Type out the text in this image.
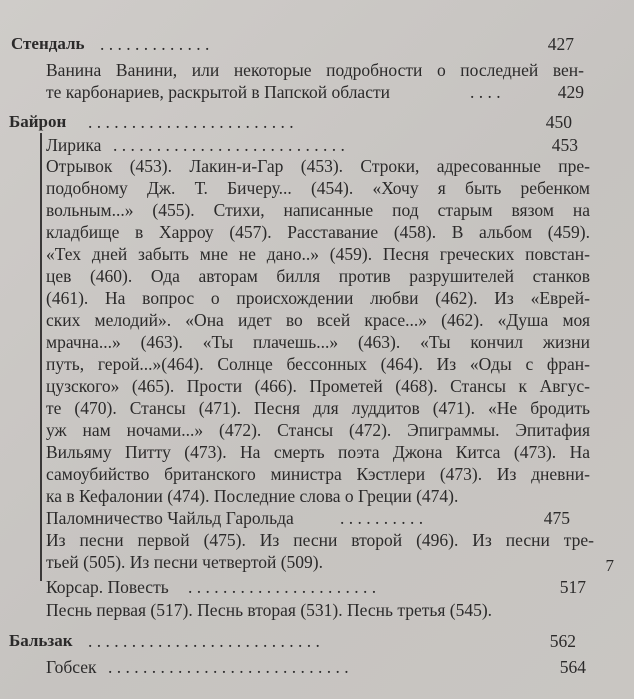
Стендаль . . . . . . . . . . . . .	427
Ванина Ванини, или некоторые подробности о последней вен-
те карбонариев, раскрытой в Папской области	. . . .	429
Байрон . . . . . . . . . . . . . . . . . . . . . . . .	450
Лирика . . . . . . . . . . . . . . . . . . . . . . . . . . .	453
Отрывок (453). Лакин-и-Гар (453). Строки, адресованные пре-
подобному Дж. Т. Бичеру... (454). «Хочу я быть ребенком
вольным...» (455). Стихи, написанные под старым вязом на
кладбище в Харроу (457). Расставание (458). В альбом (459).
«Тех дней забыть мне не дано..» (459). Песня греческих повстан-
цев (460). Ода авторам билля против разрушителей станков
(461). На вопрос о происхождении любви (462). Из «Еврей-
ских мелодий». «Она идет во всей красе...» (462). «Душа моя
мрачна...» (463). «Ты плачешь...» (463). «Ты кончил жизни
путь, герой...»(464). Солнце бессонных (464). Из «Оды с фран-
цузского» (465). Прости (466). Прометей (468). Стансы к Авгус-
те (470). Стансы (471). Песня для луддитов (471). «Не бродить
уж нам ночами...» (472). Стансы (472). Эпиграммы. Эпитафия
Вильяму Питту (473). На смерть поэта Джона Китса (473). На
самоубийство британского министра Кэстлери (473). Из дневни-
ка в Кефалонии (474). Последние слова о Греции (474).
Паломничество Чайльд Гарольда	. . . . . . . . . .	475
Из песни первой (475). Из песни второй (496). Из песни тре-
тьей (505). Из песни четвертой (509).
Корсар. Повесть . . . . . . . . . . . . . . . . . . . . . .	517
Песнь первая (517). Песнь вторая (531). Песнь третья (545).
Бальзак . . . . . . . . . . . . . . . . . . . . . . . . . . .	562
Гобсек . . . . . . . . . . . . . . . . . . . . . . . . . . . .	564
7
